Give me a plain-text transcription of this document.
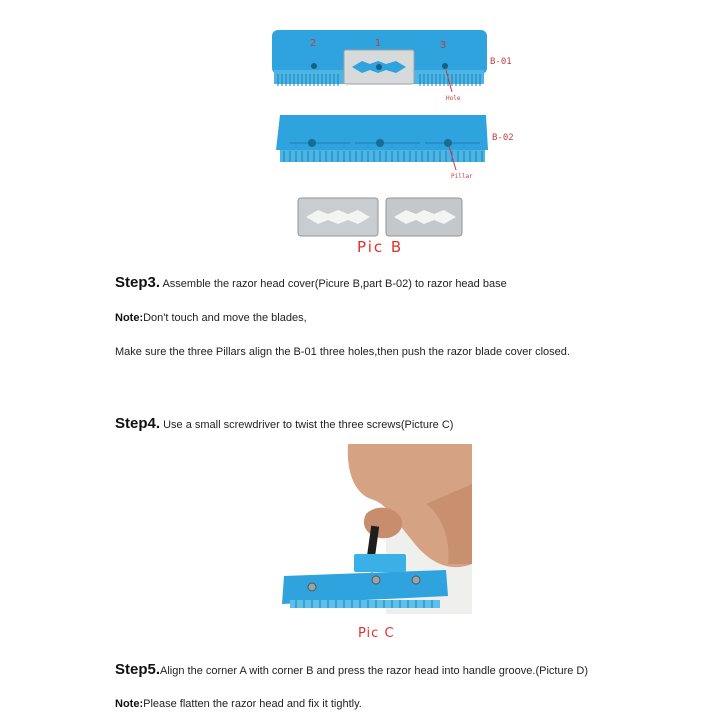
2	1	3
Hole
B-01
Pillar
B-02
Pic B
Step3. Assemble the razor head cover(Picure B,part B-02) to razor head base
Note:Don't touch and move the blades,
Make sure the three Pillars align the B-01 three holes,then push the razor blade cover closed.
Step4. Use a small screwdriver to twist the three screws(Picture C)
Pic C
Step5.Align the corner A with corner B and press the razor head into handle groove.(Picture D)
Note:Please flatten the razor head and fix it tightly.
